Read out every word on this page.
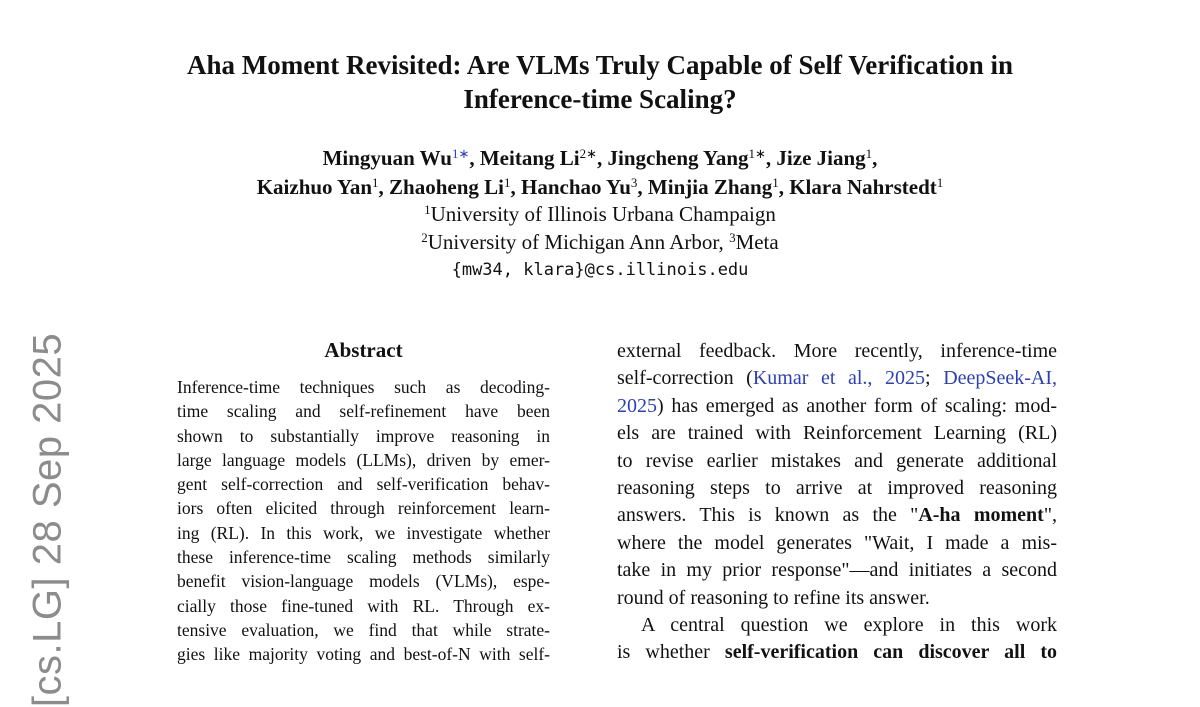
Aha Moment Revisited: Are VLMs Truly Capable of Self Verification in
Inference-time Scaling?
Mingyuan $Wu^{1∗}$, Meitang $Li^{2∗}$, Jingcheng Yang$^{1∗}$, Jize Jiang$^1$,
Kaizhuo Yan$^1$, Zhaoheng Li$^1$, Hanchao Yu$^3$, Minjia Zhang$^1$, Klara Nahrstedt$^1$
$^1$University of Illinois Urbana Champaign
$^2$University of Michigan Ann Arbor, $^3$Meta
{mw34, klara}@cs.illinois.edu
Abstract
Inference-time techniques such as decoding-
time scaling and self-refinement have been
shown to substantially improve reasoning in
large language models (LLMs), driven by emer-
gent self-correction and self-verification behav-
iors often elicited through reinforcement learn-
ing (RL). In this work, we investigate whether
these inference-time scaling methods similarly
benefit vision-language models (VLMs), espe-
cially those fine-tuned with RL. Through ex-
tensive evaluation, we find that while strate-
gies like majority voting and best-of-N with self-
external feedback. More recently, inference-time
self-correction (Kumar et al., 2025; DeepSeek-AI,
2025) has emerged as another form of scaling: mod-
els are trained with Reinforcement Learning (RL)
to revise earlier mistakes and generate additional
reasoning steps to arrive at improved reasoning
answers. This is known as the "A-ha moment",
where the model generates "Wait, I made a mis-
take in my prior response"—and initiates a second
round of reasoning to refine its answer.
A central question we explore in this work
is whether self-verification can discover all to
[cs.LG] 28 Sep 2025
